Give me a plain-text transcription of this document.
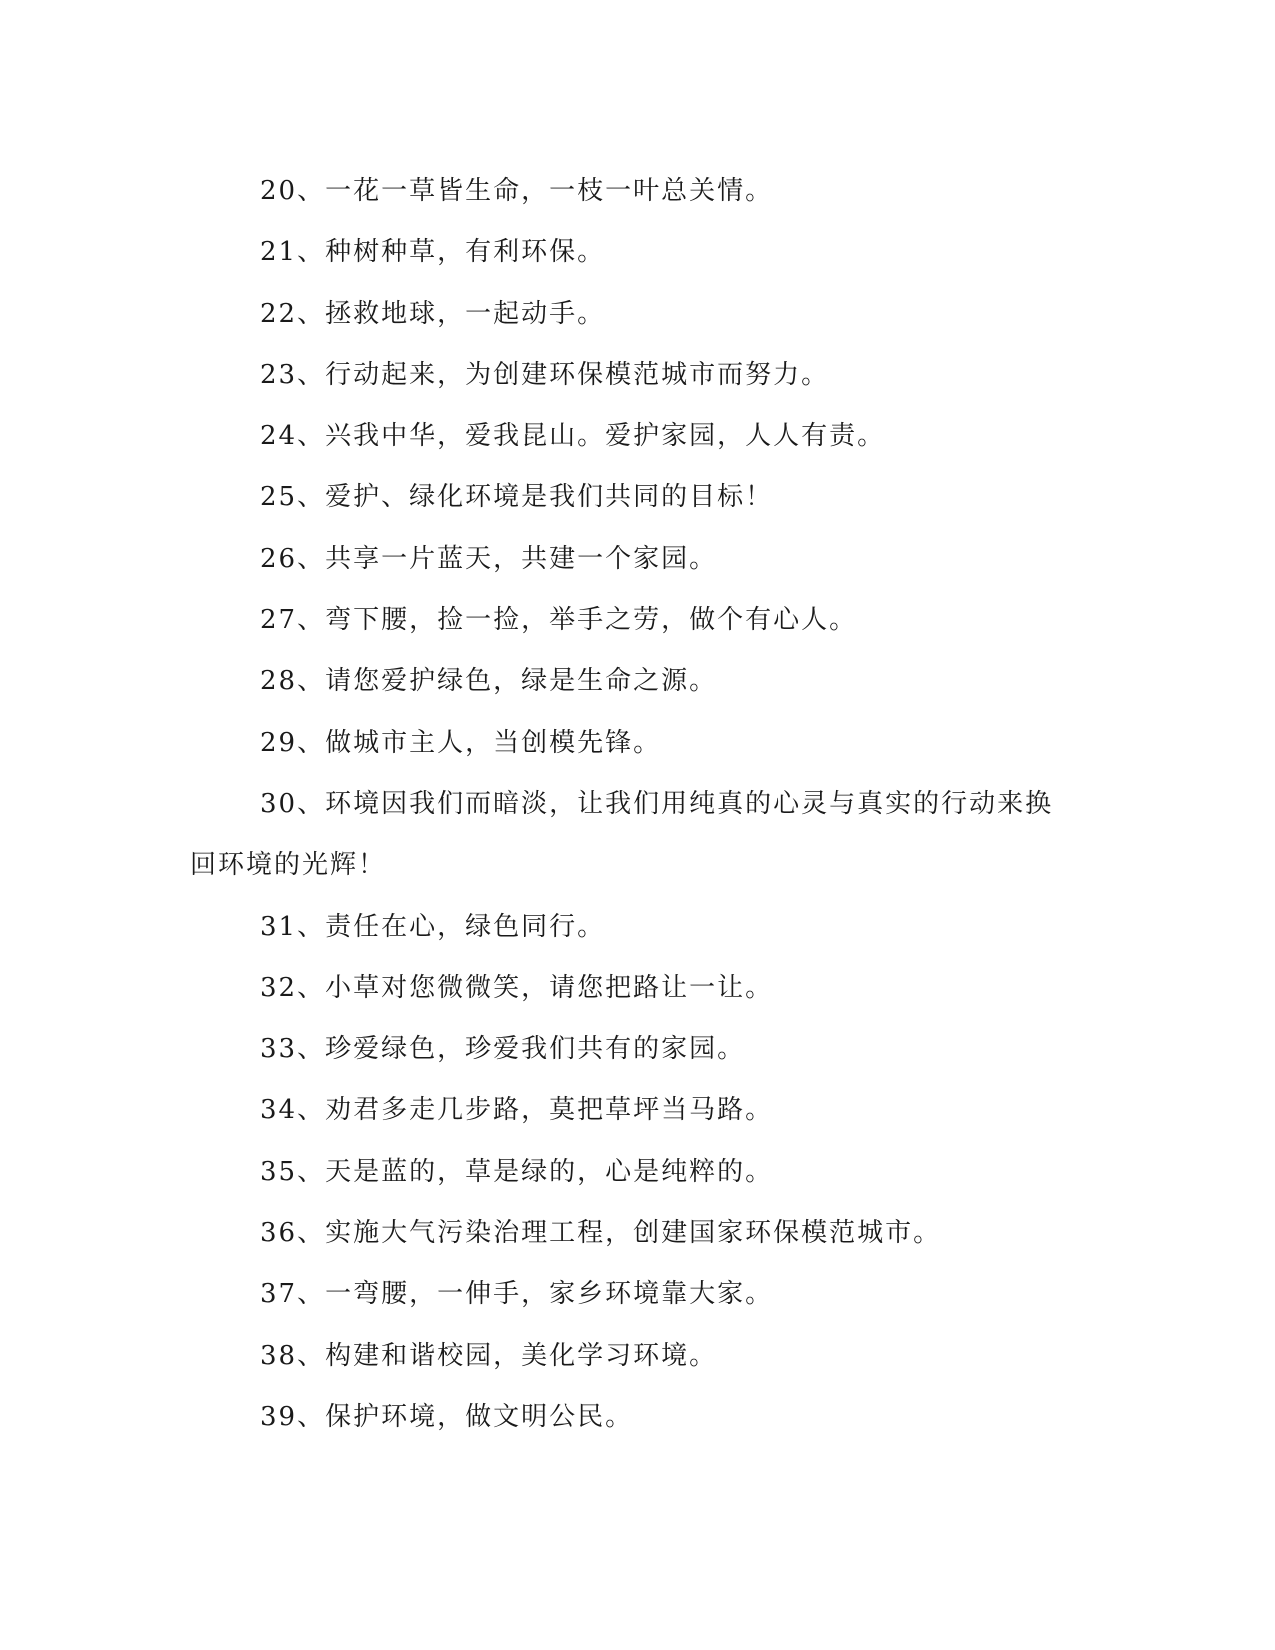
20、一花一草皆生命，一枝一叶总关情。

21、种树种草，有利环保。

22、拯救地球，一起动手。

23、行动起来，为创建环保模范城市而努力。

24、兴我中华，爱我昆山。爱护家园，人人有责。

25、爱护、绿化环境是我们共同的目标！

26、共享一片蓝天，共建一个家园。

27、弯下腰，捡一捡，举手之劳，做个有心人。

28、请您爱护绿色，绿是生命之源。

29、做城市主人，当创模先锋。

30、环境因我们而暗淡，让我们用纯真的心灵与真实的行动来换回环境的光辉！

31、责任在心，绿色同行。

32、小草对您微微笑，请您把路让一让。

33、珍爱绿色，珍爱我们共有的家园。

34、劝君多走几步路，莫把草坪当马路。

35、天是蓝的，草是绿的，心是纯粹的。

36、实施大气污染治理工程，创建国家环保模范城市。

37、一弯腰，一伸手，家乡环境靠大家。

38、构建和谐校园，美化学习环境。

39、保护环境，做文明公民。
